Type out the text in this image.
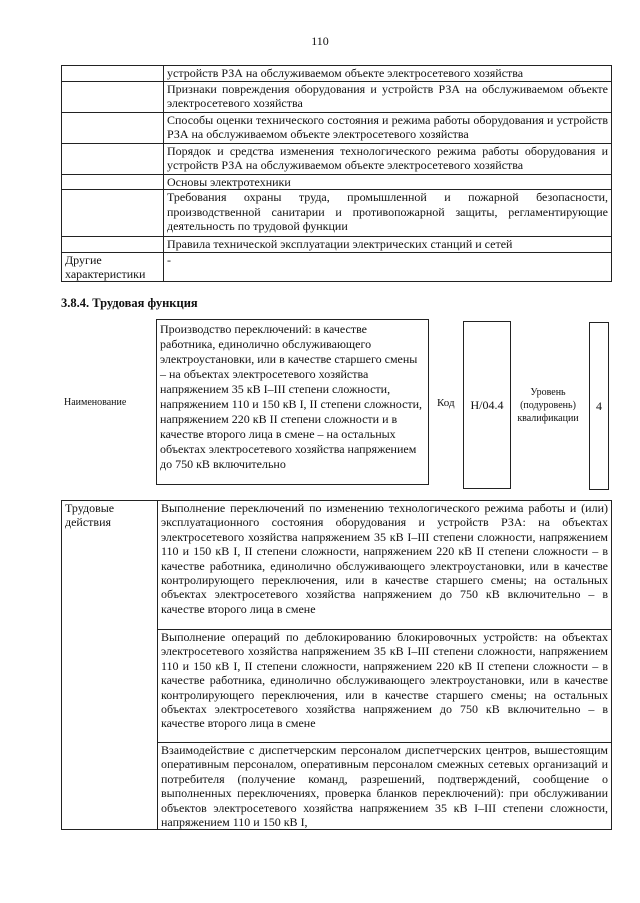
110
	устройств РЗА на обслуживаемом объекте электросетевого хозяйства
	Признаки повреждения оборудования и устройств РЗА на обслуживаемом объекте электросетевого хозяйства
	Способы оценки технического состояния и режима работы оборудования и устройств РЗА на обслуживаемом объекте электросетевого хозяйства
	Порядок и средства изменения технологического режима работы оборудования и устройств РЗА на обслуживаемом объекте электросетевого хозяйства
	Основы электротехники
	Требования охраны труда, промышленной и пожарной безопасности, производственной санитарии и противопожарной защиты, регламентирующие деятельность по трудовой функции
	Правила технической эксплуатации электрических станций и сетей
Другие характеристики	-
3.8.4. Трудовая функция
Наименование
Производство переключений: в качестве работника, единолично обслуживающего электроустановки, или в качестве старшего смены – на объектах электросетевого хозяйства напряжением 35 кВ I–III степени сложности, напряжением 110 и 150 кВ I, II степени сложности, напряжением 220 кВ II степени сложности и в качестве второго лица в смене – на остальных объектах электросетевого хозяйства напряжением до 750 кВ включительно
Код	H/04.4
Уровень (подуровень) квалификации
4
Трудовые действия	Выполнение переключений по изменению технологического режима работы и (или) эксплуатационного состояния оборудования и устройств РЗА: на объектах электросетевого хозяйства напряжением 35 кВ I–III степени сложности, напряжением 110 и 150 кВ I, II степени сложности, напряжением 220 кВ II степени сложности – в качестве работника, единолично обслуживающего электроустановки, или в качестве контролирующего переключения, или в качестве старшего смены; на остальных объектах электросетевого хозяйства напряжением до 750 кВ включительно – в качестве второго лица в смене
	Выполнение операций по деблокированию блокировочных устройств: на объектах электросетевого хозяйства напряжением 35 кВ I–III степени сложности, напряжением 110 и 150 кВ I, II степени сложности, напряжением 220 кВ II степени сложности – в качестве работника, единолично обслуживающего электроустановки, или в качестве контролирующего переключения, или в качестве старшего смены; на остальных объектах электросетевого хозяйства напряжением до 750 кВ включительно – в качестве второго лица в смене
	Взаимодействие с диспетчерским персоналом диспетчерских центров, вышестоящим оперативным персоналом, оперативным персоналом смежных сетевых организаций и потребителя (получение команд, разрешений, подтверждений, сообщение о выполненных переключениях, проверка бланков переключений): при обслуживании объектов электросетевого хозяйства напряжением 35 кВ I–III степени сложности, напряжением 110 и 150 кВ I,
